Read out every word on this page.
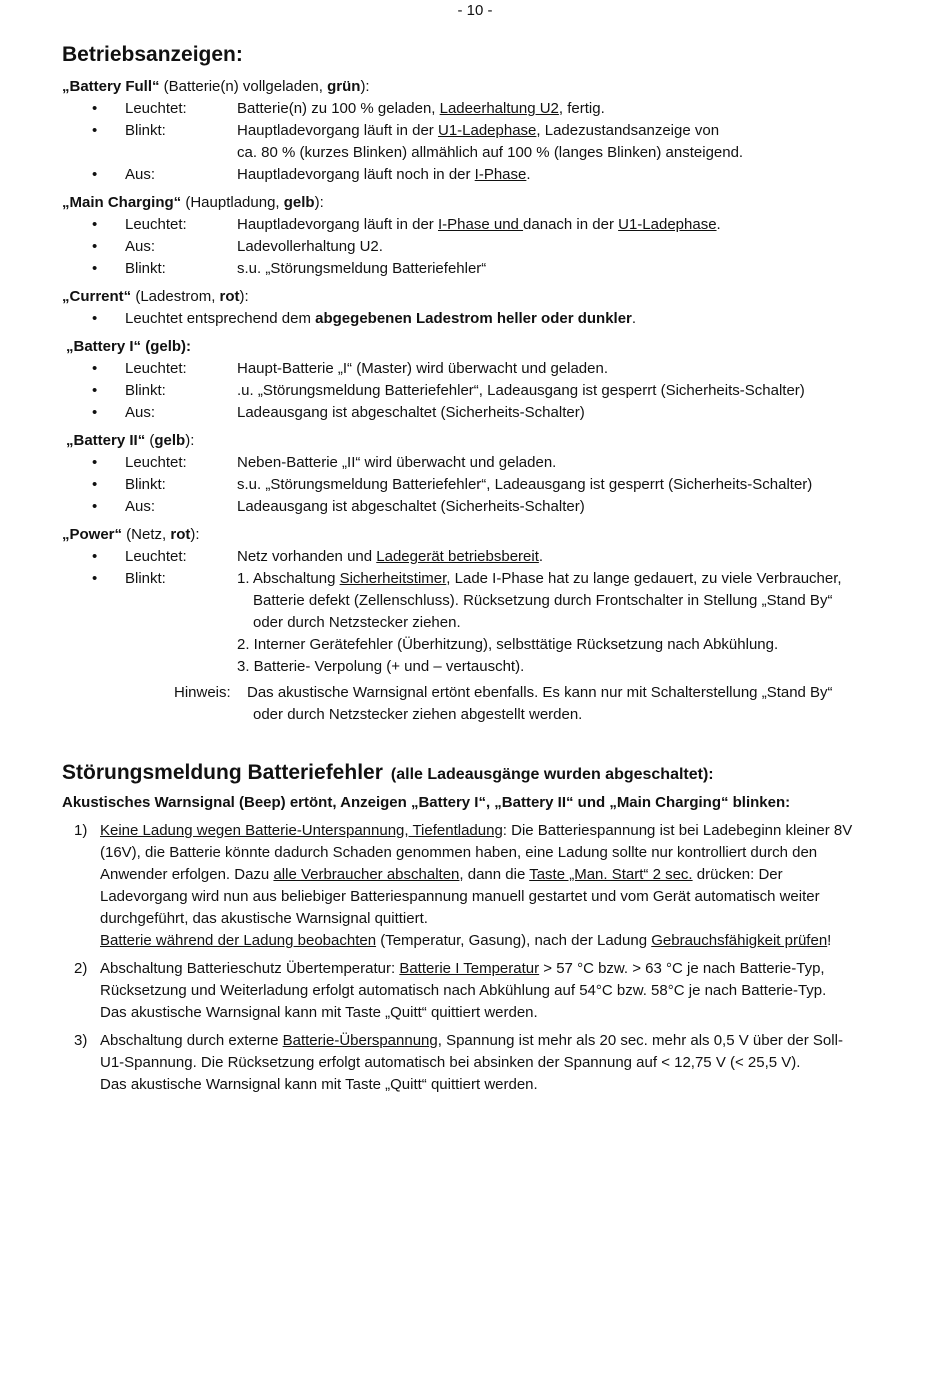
- 10 -
Betriebsanzeigen:
„Battery Full“ (Batterie(n) vollgeladen, grün):
• Leuchtet:	Batterie(n) zu 100 % geladen, Ladeerhaltung U2, fertig.
• Blinkt:	Hauptladevorgang läuft in der U1-Ladephase, Ladezustandsanzeige von
ca. 80 % (kurzes Blinken) allmählich auf 100 % (langes Blinken) ansteigend.
• Aus:	Hauptladevorgang läuft noch in der I-Phase.
„Main Charging“ (Hauptladung, gelb):
• Leuchtet:	Hauptladevorgang läuft in der I-Phase und danach in der U1-Ladephase.
• Aus:	Ladevollerhaltung U2.
• Blinkt:	s.u. „Störungsmeldung Batteriefehler“
„Current“ (Ladestrom, rot):
• Leuchtet entsprechend dem abgegebenen Ladestrom heller oder dunkler.
„Battery I“ (gelb):
• Leuchtet:	Haupt-Batterie „I“ (Master) wird überwacht und geladen.
• Blinkt:	.u. „Störungsmeldung Batteriefehler“, Ladeausgang ist gesperrt (Sicherheits-Schalter)
• Aus:	Ladeausgang ist abgeschaltet (Sicherheits-Schalter)
„Battery II“ (gelb):
• Leuchtet:	Neben-Batterie „II“ wird überwacht und geladen.
• Blinkt:	s.u. „Störungsmeldung Batteriefehler“, Ladeausgang ist gesperrt (Sicherheits-Schalter)
• Aus:	Ladeausgang ist abgeschaltet (Sicherheits-Schalter)
„Power“ (Netz, rot):
• Leuchtet:	Netz vorhanden und Ladegerät betriebsbereit.
• Blinkt:	1. Abschaltung Sicherheitstimer, Lade I-Phase hat zu lange gedauert, zu viele Verbraucher,
Batterie defekt (Zellenschluss). Rücksetzung durch Frontschalter in Stellung „Stand By“
oder durch Netzstecker ziehen.
2. Interner Gerätefehler (Überhitzung), selbsttätige Rücksetzung nach Abkühlung.
3. Batterie- Verpolung (+ und – vertauscht).
Hinweis: Das akustische Warnsignal ertönt ebenfalls. Es kann nur mit Schalterstellung „Stand By“
oder durch Netzstecker ziehen abgestellt werden.
Störungsmeldung Batteriefehler (alle Ladeausgänge wurden abgeschaltet):
Akustisches Warnsignal (Beep) ertönt, Anzeigen „Battery I“, „Battery II“ und „Main Charging“ blinken:
1) Keine Ladung wegen Batterie-Unterspannung, Tiefentladung: Die Batteriespannung ist bei Ladebeginn kleiner 8V
(16V), die Batterie könnte dadurch Schaden genommen haben, eine Ladung sollte nur kontrolliert durch den
Anwender erfolgen. Dazu alle Verbraucher abschalten, dann die Taste „Man. Start“ 2 sec. drücken: Der
Ladevorgang wird nun aus beliebiger Batteriespannung manuell gestartet und vom Gerät automatisch weiter
durchgeführt, das akustische Warnsignal quittiert.
Batterie während der Ladung beobachten (Temperatur, Gasung), nach der Ladung Gebrauchsfähigkeit prüfen!
2) Abschaltung Batterieschutz Übertemperatur: Batterie I Temperatur > 57 °C bzw. > 63 °C je nach Batterie-Typ,
Rücksetzung und Weiterladung erfolgt automatisch nach Abkühlung auf 54°C bzw. 58°C je nach Batterie-Typ.
Das akustische Warnsignal kann mit Taste „Quitt“ quittiert werden.
3) Abschaltung durch externe Batterie-Überspannung, Spannung ist mehr als 20 sec. mehr als 0,5 V über der Soll-
U1-Spannung. Die Rücksetzung erfolgt automatisch bei absinken der Spannung auf < 12,75 V (< 25,5 V).
Das akustische Warnsignal kann mit Taste „Quitt“ quittiert werden.
